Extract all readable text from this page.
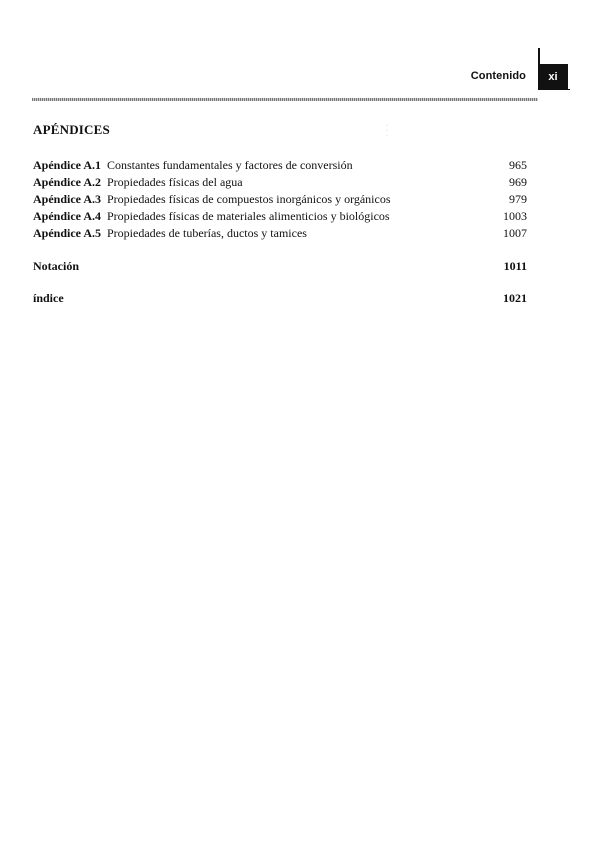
Contenido xi
·
·
·
APÉNDICES
Apéndice A.1 Constantes fundamentales y factores de conversión	965
Apéndice A.2 Propiedades físicas del agua	969
Apéndice A.3 Propiedades físicas de compuestos inorgánicos y orgánicos	979
Apéndice A.4 Propiedades físicas de materiales alimenticios y biológicos	1003
Apéndice A.5 Propiedades de tuberías, ductos y tamices	1007
Notación	1011
índice	1021
